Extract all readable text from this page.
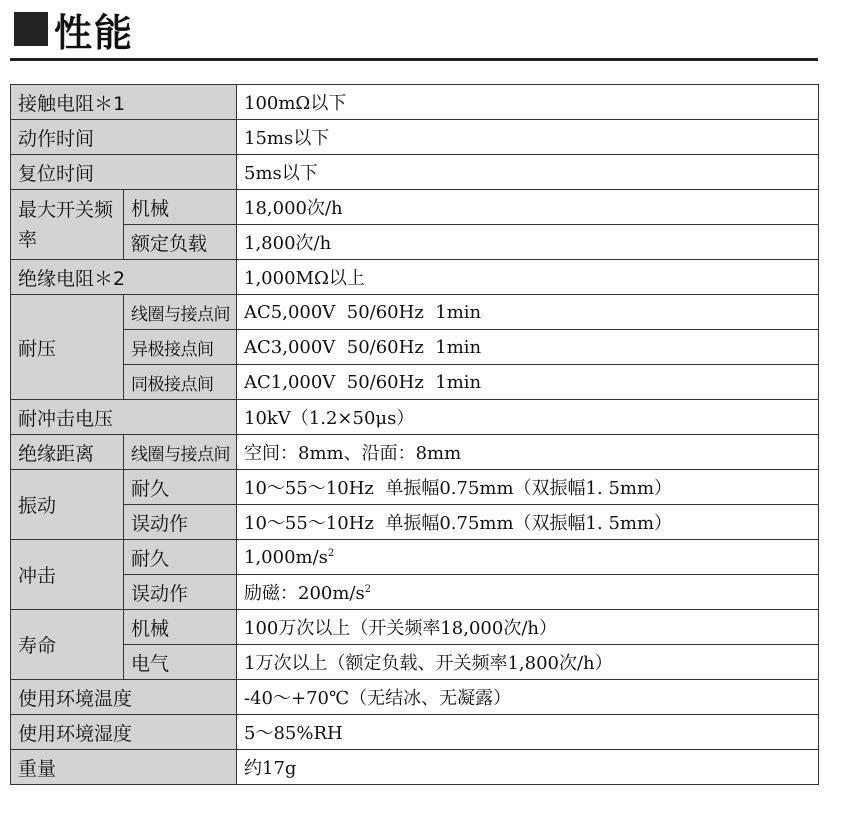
性能
接触电阻＊1		100mΩ以下
动作时间		15ms以下
复位时间		5ms以下
最大开关频率	机械	18,000次/h
	额定负载	1,800次/h
绝缘电阻＊2		1,000MΩ以上
耐压	线圈与接点间	AC5,000V  50/60Hz  1min
	异极接点间	AC3,000V  50/60Hz  1min
	同极接点间	AC1,000V  50/60Hz  1min
耐冲击电压		10kV（1.2×50μs）
绝缘距离	线圈与接点间	空间：8mm、沿面：8mm
振动	耐久	10～55～10Hz  单振幅0.75mm（双振幅1. 5mm）
	误动作	10～55～10Hz  单振幅0.75mm（双振幅1. 5mm）
冲击	耐久	$1,000m/s^2$
	误动作	励磁：$200m/s^2$
寿命	机械	100万次以上（开关频率18,000次/h）
	电气	1万次以上（额定负载、开关频率1,800次/h）
使用环境温度		-40～+70℃（无结冰、无凝露）
使用环境湿度		5～85%RH
重量		约17g
